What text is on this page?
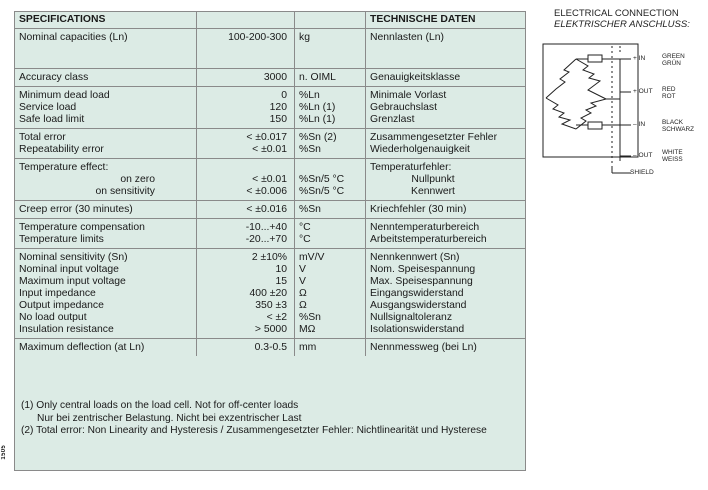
SPECIFICATIONS			TECHNISCHE DATEN
Nominal capacities (Ln)	100-200-300	kg	Nennlasten (Ln)
Accuracy class	3000	n. OIML	Genauigkeitsklasse
Minimum dead load	0	%Ln	Minimale Vorlast
Service load	120	%Ln (1)	Gebrauchslast
Safe load limit	150	%Ln (1)	Grenzlast
Total error	< ±0.017	%Sn (2)	Zusammengesetzter Fehler
Repeatability error	< ±0.01	%Sn	Wiederholgenauigkeit
Temperature effect:			Temperaturfehler:

on zero	< ±0.01	%Sn/5 °C	Nullpunkt

on sensitivity	< ±0.006	%Sn/5 °C	Kennwert

Creep error (30 minutes)	< ±0.016	%Sn	Kriechfehler (30 min)
Temperature compensation	-10...+40	°C	Nenntemperaturbereich
Temperature limits	-20...+70	°C	Arbeitstemperaturbereich
Nominal sensitivity (Sn)	2 ±10%	mV/V	Nennkennwert (Sn)
Nominal input voltage	10	V	Nom. Speisespannung
Maximum input voltage	15	V	Max. Speisespannung
Input impedance	400 ±20	Ω	Eingangswiderstand
Output impedance	350 ±3	Ω	Ausgangswiderstand
No load output	< ±2	%Sn	Nullsignaltoleranz
Insulation resistance	> 5000	MΩ	Isolationswiderstand
Maximum deflection (at Ln)	0.3-0.5	mm	Nennmessweg (bei Ln)
(1) Only central loads on the load cell. Not for off-center loads
Nur bei zentrischer Belastung. Nicht bei exzentrischer Last
(2) Total error: Non Linearity and Hysteresis / Zusammengesetzter Fehler: Nichtlinearität und Hysterese
1505
ELECTRICAL CONNECTION
ELEKTRISCHER ANSCHLUSS:
+ IN
+ OUT
– IN
– OUT
SHIELD
GREEN
GRÜN
RED
ROT
BLACK
SCHWARZ
WHITE
WEISS
